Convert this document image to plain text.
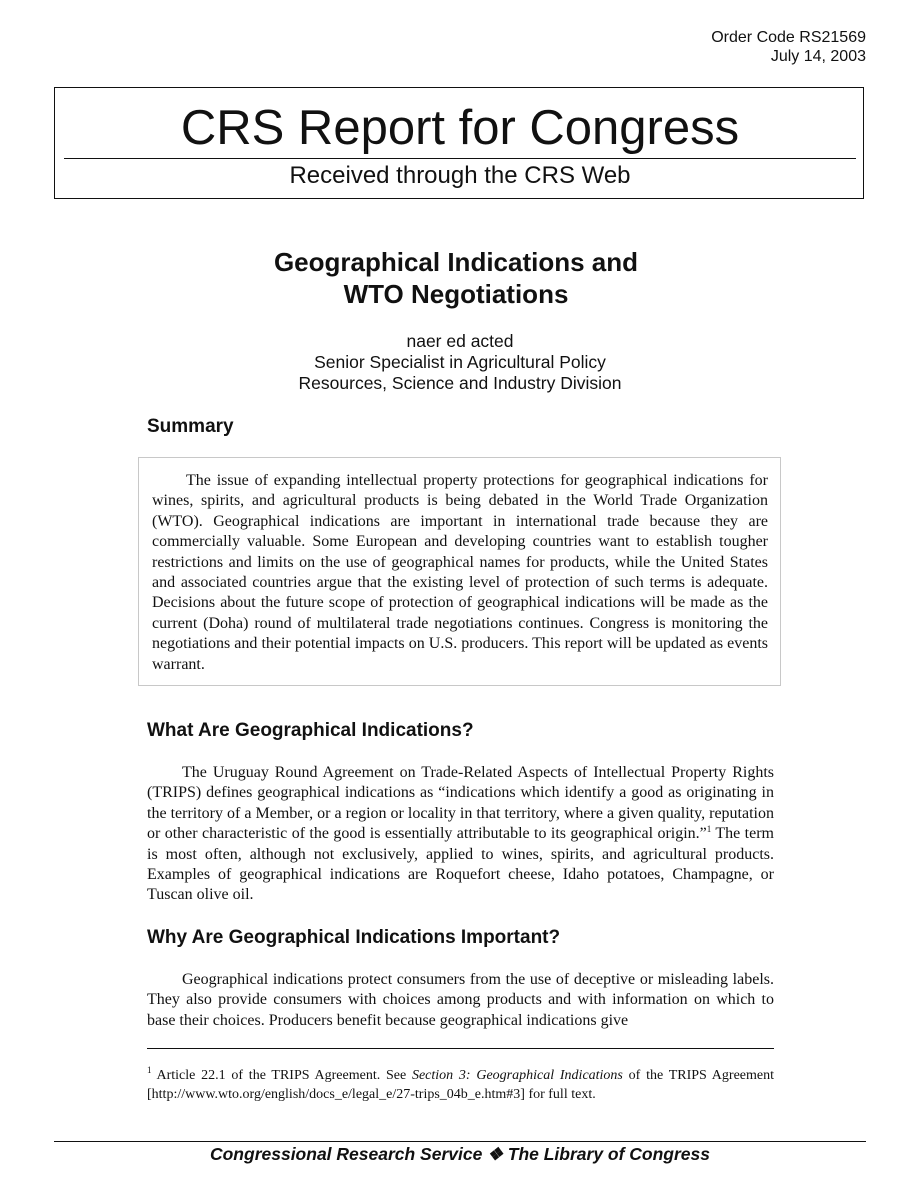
Order Code RS21569
July 14, 2003
CRS Report for Congress
Received through the CRS Web
Geographical Indications and
WTO Negotiations
naer ed acted
Senior Specialist in Agricultural Policy
Resources, Science and Industry Division
Summary

The issue of expanding intellectual property protections for geographical indications for wines, spirits, and agricultural products is being debated in the World Trade Organization (WTO). Geographical indications are important in international trade because they are commercially valuable. Some European and developing countries want to establish tougher restrictions and limits on the use of geographical names for products, while the United States and associated countries argue that the existing level of protection of such terms is adequate. Decisions about the future scope of protection of geographical indications will be made as the current (Doha) round of multilateral trade negotiations continues. Congress is monitoring the negotiations and their potential impacts on U.S. producers. This report will be updated as events warrant.

What Are Geographical Indications?

The Uruguay Round Agreement on Trade-Related Aspects of Intellectual Property Rights (TRIPS) defines geographical indications as “indications which identify a good as originating in the territory of a Member, or a region or locality in that territory, where a given quality, reputation or other characteristic of the good is essentially attributable to its geographical origin.”$^1$ The term is most often, although not exclusively, applied to wines, spirits, and agricultural products. Examples of geographical indications are Roquefort cheese, Idaho potatoes, Champagne, or Tuscan olive oil.

Why Are Geographical Indications Important?

Geographical indications protect consumers from the use of deceptive or misleading labels. They also provide consumers with choices among products and with information on which to base their choices. Producers benefit because geographical indications give

$^1$ Article 22.1 of the TRIPS Agreement. See Section 3: Geographical Indications of the TRIPS Agreement [http://www.wto.org/english/docs_e/legal_e/27-trips_04b_e.htm#3] for full text.

Congressional Research Service ❖ The Library of Congress
